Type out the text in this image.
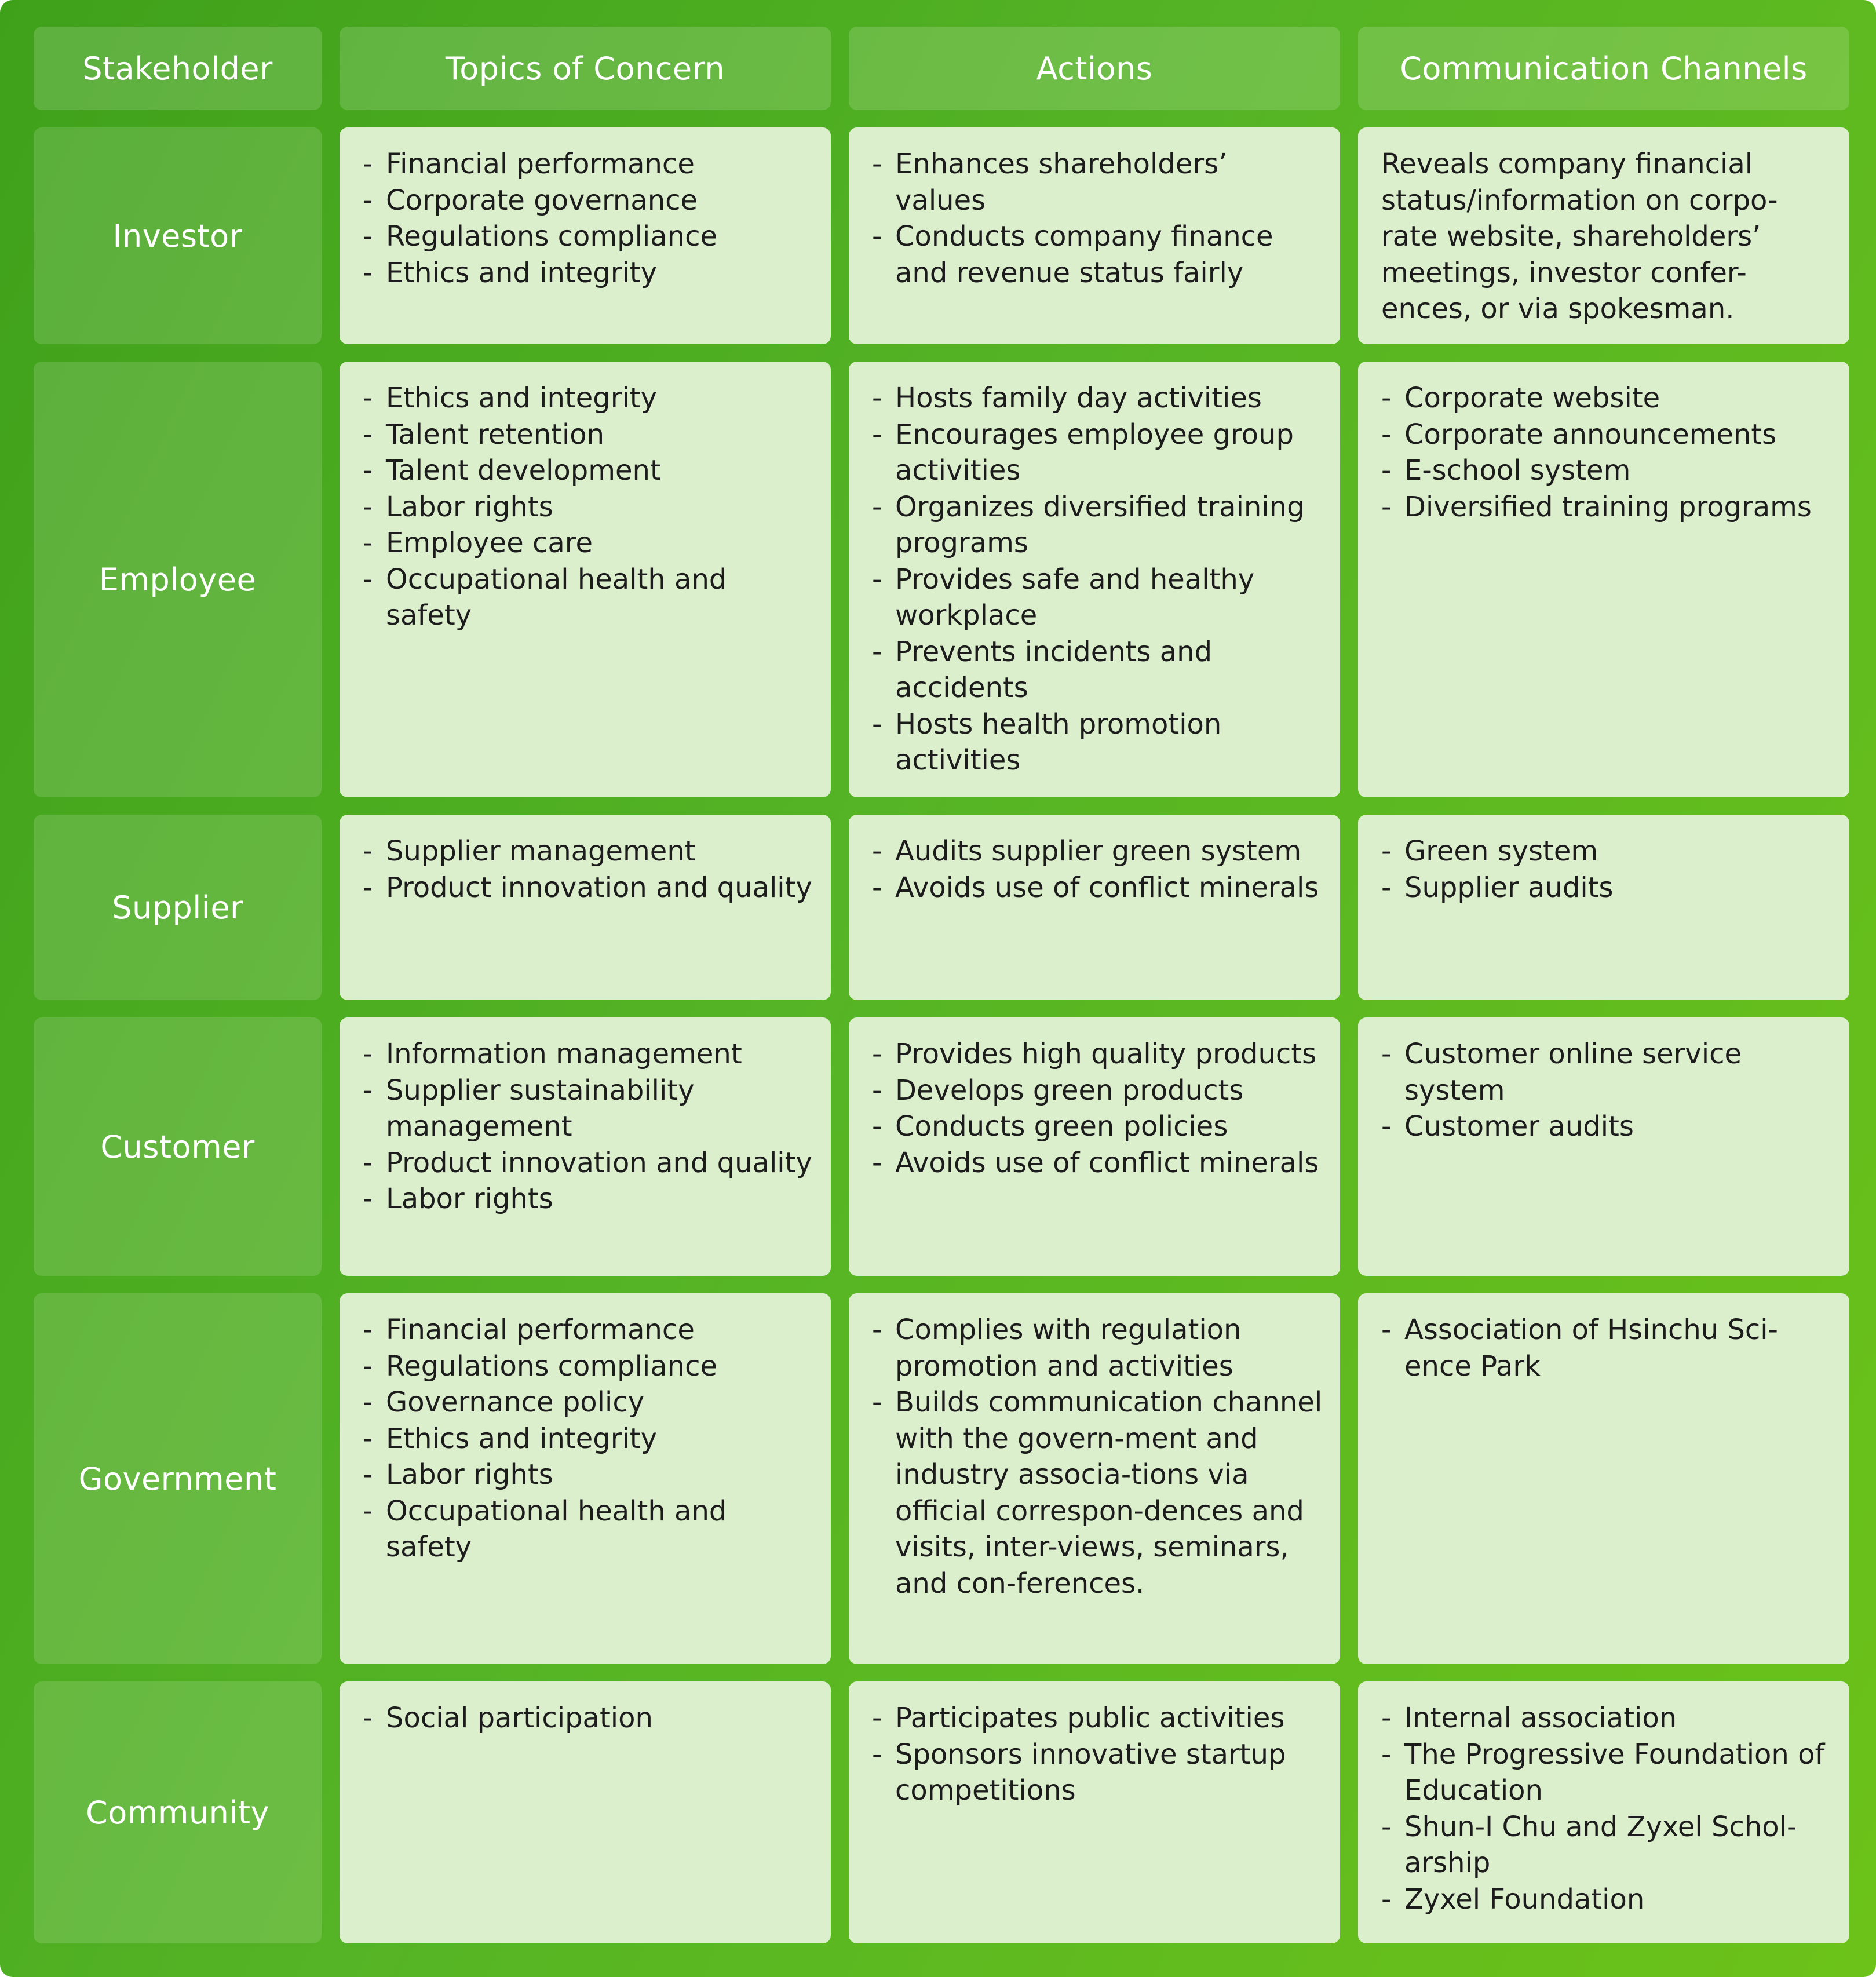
Stakeholder	Topics of Concern	Actions	Communication Channels
Investor
- Financial performance
- Corporate governance
- Regulations compliance
- Ethics and integrity
- Enhances shareholders’ values
- Conducts company finance and revenue status fairly

Reveals company financial status/information on corpo-rate website, shareholders’ meetings, investor confer-ences, or via spokesman.

Employee
- Ethics and integrity
- Talent retention
- Talent development
- Labor rights
- Employee care
- Occupational health and safety
- Hosts family day activities
- Encourages employee group activities
- Organizes diversified training programs
- Provides safe and healthy workplace
- Prevents incidents and accidents
- Hosts health promotion activities
- Corporate website
- Corporate announcements
- E-school system
- Diversified training programs
Supplier
- Supplier management
- Product innovation and quality
- Audits supplier green system
- Avoids use of conflict minerals
- Green system
- Supplier audits
Customer
- Information management
- Supplier sustainability management
- Product innovation and quality
- Labor rights
- Provides high quality products
- Develops green products
- Conducts green policies
- Avoids use of conflict minerals
- Customer online service system
- Customer audits
Government
- Financial performance
- Regulations compliance
- Governance policy
- Ethics and integrity
- Labor rights
- Occupational health and safety
- Complies with regulation promotion and activities
- Builds communication channel with the govern-ment and industry associa-tions via official correspon-dences and visits, inter-views, seminars, and con-ferences.
- Association of Hsinchu Sci-ence Park
Community
- Social participation
-	Participates public activities
- Sponsors innovative startup competitions
- Internal association
- The Progressive Foundation of Education
- Shun-I Chu and Zyxel Schol-arship
- Zyxel Foundation
